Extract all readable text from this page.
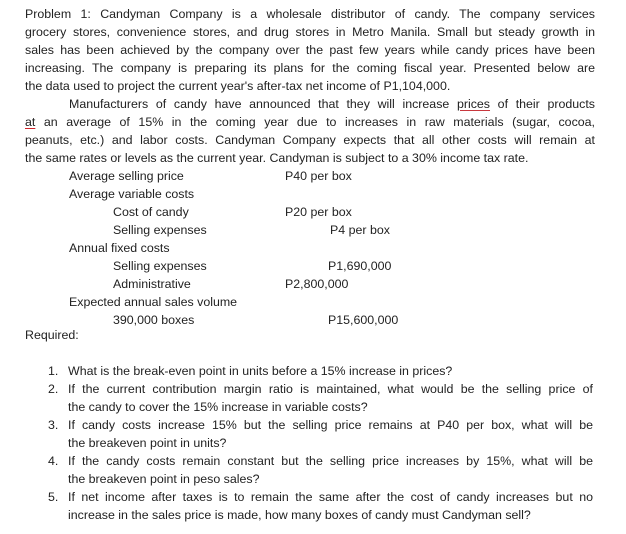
Problem 1: Candyman Company is a wholesale distributor of candy. The company services
grocery stores, convenience stores, and drug stores in Metro Manila. Small but steady growth in
sales has been achieved by the company over the past few years while candy prices have been
increasing. The company is preparing its plans for the coming fiscal year. Presented below are
the data used to project the current year's after-tax net income of P1,104,000.
Manufacturers of candy have announced that they will increase prices of their products
at an average of 15% in the coming year due to increases in raw materials (sugar, cocoa,
peanuts, etc.) and labor costs. Candyman Company expects that all other costs will remain at
the same rates or levels as the current year. Candyman is subject to a 30% income tax rate.
Average selling price	P40 per box
Average variable costs
Cost of candy	P20 per box
Selling expenses	P4 per box
Annual fixed costs
Selling expenses	P1,690,000
Administrative	P2,800,000
Expected annual sales volume
390,000 boxes	P15,600,000
Required:
1. What is the break-even point in units before a 15% increase in prices?
2. If the current contribution margin ratio is maintained, what would be the selling price of
the candy to cover the 15% increase in variable costs?
3. If candy costs increase 15% but the selling price remains at P40 per box, what will be
the breakeven point in units?
4. If the candy costs remain constant but the selling price increases by 15%, what will be
the breakeven point in peso sales?
5. If net income after taxes is to remain the same after the cost of candy increases but no
increase in the sales price is made, how many boxes of candy must Candyman sell?
